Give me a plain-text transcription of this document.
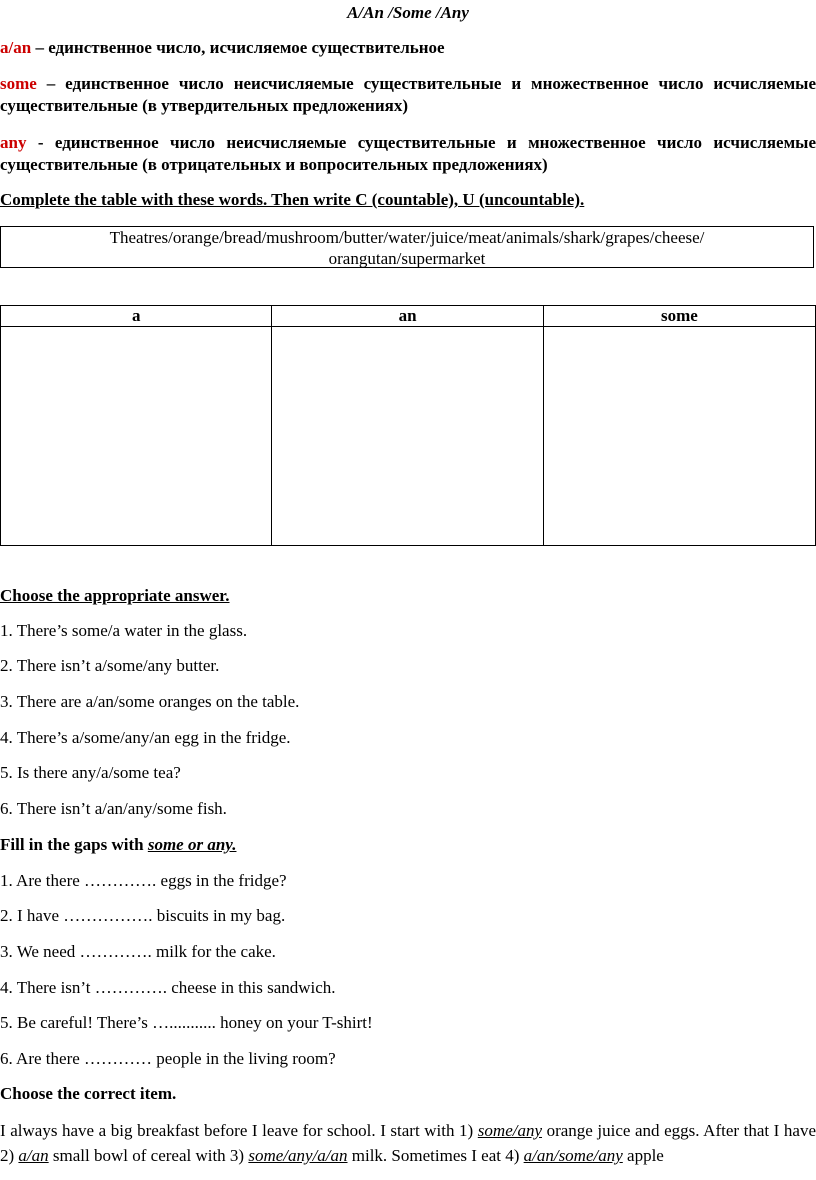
A/An /Some /Any
a/an – единственное число, исчисляемое существительное
some – единственное число неисчисляемые существительные и множественное число исчисляемые существительные (в утвердительных предложениях)
any - единственное число неисчисляемые существительные и множественное число исчисляемые существительные (в отрицательных и вопросительных предложениях)
Complete the table with these words. Then write C (countable), U (uncountable).
Theatres/orange/bread/mushroom/butter/water/juice/meat/animals/shark/grapes/cheese/
orangutan/supermarket
a	an	some

Choose the appropriate answer.
1. There’s some/a water in the glass.
2. There isn’t a/some/any butter.
3. There are a/an/some oranges on the table.
4. There’s a/some/any/an egg in the fridge.
5. Is there any/a/some tea?
6. There isn’t a/an/any/some fish.
Fill in the gaps with some or any.
1. Are there …………. eggs in the fridge?
2. I have ……………. biscuits in my bag.
3. We need …………. milk for the cake.
4. There isn’t …………. cheese in this sandwich.
5. Be careful! There’s …........... honey on your T-shirt!
6. Are there ………… people in the living room?
Choose the correct item.
I always have a big breakfast before I leave for school. I start with 1) some/any orange juice and eggs. After that I have 2) a/an small bowl of cereal with 3) some/any/a/an milk. Sometimes I eat 4) a/an/some/any apple
